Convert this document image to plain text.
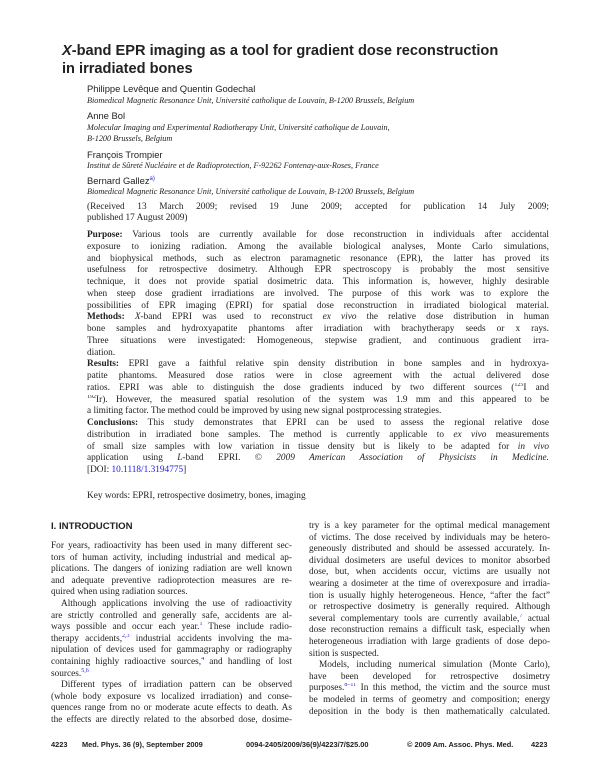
X-band EPR imaging as a tool for gradient dose reconstruction
in irradiated bones
Philippe Levêque and Quentin Godechal
Biomedical Magnetic Resonance Unit, Université catholique de Louvain, B-1200 Brussels, Belgium
Anne Bol
Molecular Imaging and Experimental Radiotherapy Unit, Université catholique de Louvain,
B-1200 Brussels, Belgium
François Trompier
Institut de Sûreté Nucléaire et de Radioprotection, F-92262 Fontenay-aux-Roses, France
Bernard Gallez$^{a)}$
Biomedical Magnetic Resonance Unit, Université catholique de Louvain, B-1200 Brussels, Belgium
(Received 13 March 2009; revised 19 June 2009; accepted for publication 14 July 2009;
published 17 August 2009)
Purpose: Various tools are currently available for dose reconstruction in individuals after accidental
exposure to ionizing radiation. Among the available biological analyses, Monte Carlo simulations,
and biophysical methods, such as electron paramagnetic resonance (EPR), the latter has proved its
usefulness for retrospective dosimetry. Although EPR spectroscopy is probably the most sensitive
technique, it does not provide spatial dosimetric data. This information is, however, highly desirable
when steep dose gradient irradiations are involved. The purpose of this work was to explore the
possibilities of EPR imaging (EPRI) for spatial dose reconstruction in irradiated biological material.
Methods: X-band EPRI was used to reconstruct ex vivo the relative dose distribution in human
bone samples and hydroxyapatite phantoms after irradiation with brachytherapy seeds or x rays.
Three situations were investigated: Homogeneous, stepwise gradient, and continuous gradient irra-
diation.
Results: EPRI gave a faithful relative spin density distribution in bone samples and in hydroxya-
patite phantoms. Measured dose ratios were in close agreement with the actual delivered dose
ratios. EPRI was able to distinguish the dose gradients induced by two different sources ($^{125}$I and
$^{192}$Ir). However, the measured spatial resolution of the system was 1.9 mm and this appeared to be
a limiting factor. The method could be improved by using new signal postprocessing strategies.
Conclusions: This study demonstrates that EPRI can be used to assess the regional relative dose
distribution in irradiated bone samples. The method is currently applicable to ex vivo measurements
of small size samples with low variation in tissue density but is likely to be adapted for in vivo
application using L-band EPRI. © 2009 American Association of Physicists in Medicine.
[DOI: 10.1118/1.3194775]
Key words: EPRI, retrospective dosimetry, bones, imaging
I. INTRODUCTION
For years, radioactivity has been used in many different sec-
tors of human activity, including industrial and medical ap-
plications. The dangers of ionizing radiation are well known
and adequate preventive radioprotection measures are re-
quired when using radiation sources.
Although applications involving the use of radioactivity
are strictly controlled and generally safe, accidents are al-
ways possible and occur each year.$^1$ These include radio-
therapy accidents,$^{2,3}$ industrial accidents involving the ma-
nipulation of devices used for gammagraphy or radiography
containing highly radioactive sources,$^4$ and handling of lost
sources.$^{5,6}$
Different types of irradiation pattern can be observed
(whole body exposure vs localized irradiation) and conse-
quences range from no or moderate acute effects to death. As
the effects are directly related to the absorbed dose, dosime-
try is a key parameter for the optimal medical management
of victims. The dose received by individuals may be hetero-
geneously distributed and should be assessed accurately. In-
dividual dosimeters are useful devices to monitor absorbed
dose, but, when accidents occur, victims are usually not
wearing a dosimeter at the time of overexposure and irradia-
tion is usually highly heterogeneous. Hence, “after the fact”
or retrospective dosimetry is generally required. Although
several complementary tools are currently available,$^7$ actual
dose reconstruction remains a difficult task, especially when
heterogeneous irradiation with large gradients of dose depo-
sition is suspected.
Models, including numerical simulation (Monte Carlo),
have been developed for retrospective dosimetry
purposes.$^{8-11}$ In this method, the victim and the source must
be modeled in terms of geometry and composition; energy
deposition in the body is then mathematically calculated.
4223 Med. Phys. 36 (9), September 2009	0094-2405/2009/36(9)/4223/7/$25.00	© 2009 Am. Assoc. Phys. Med. 4223
